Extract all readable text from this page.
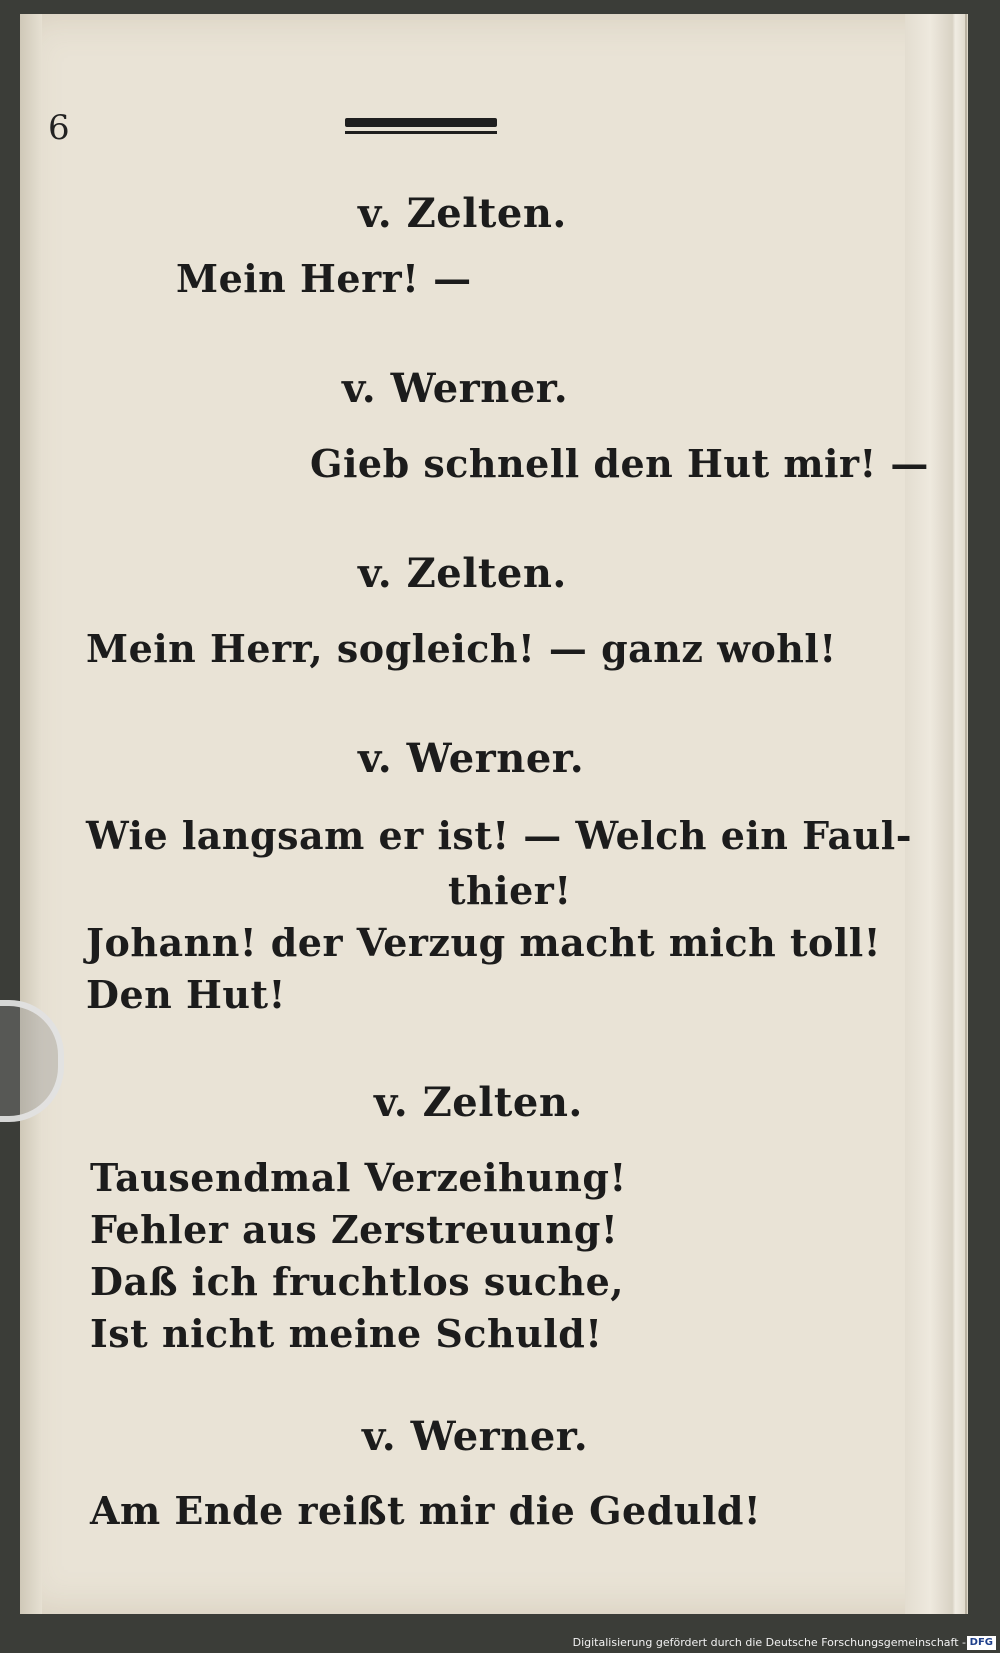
6
v. Zelten.
Mein Herr! —
v. Werner.
Gieb schnell den Hut mir! —
v. Zelten.
Mein Herr, sogleich! — ganz wohl!
v. Werner.
Wie langsam er ist! — Welch ein Faul-
thier!
Johann! der Verzug macht mich toll!
Den Hut!
v. Zelten.
Tausendmal Verzeihung!
Fehler aus Zerstreuung!
Daß ich fruchtlos suche,
Ist nicht meine Schuld!
v. Werner.
Am Ende reißt mir die Geduld!
Digitalisierung gefördert durch die Deutsche Forschungsgemeinschaft - DFG
